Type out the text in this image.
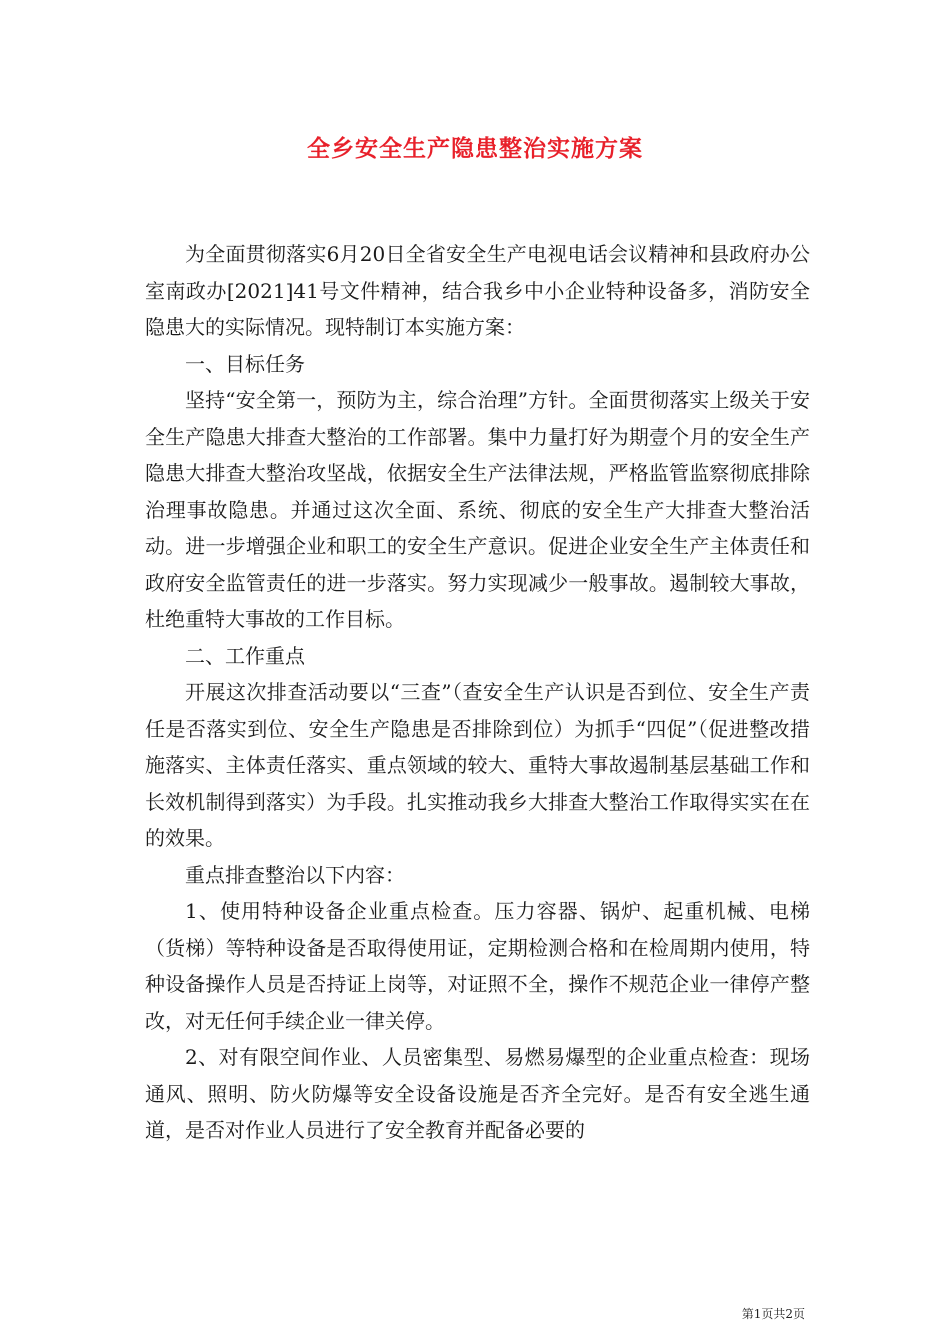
全乡安全生产隐患整治实施方案

为全面贯彻落实6月20日全省安全生产电视电话会议精神和县政府办公室南政办[2021]41号文件精神，结合我乡中小企业特种设备多，消防安全隐患大的实际情况。现特制订本实施方案：

一、目标任务

坚持“安全第一，预防为主，综合治理”方针。全面贯彻落实上级关于安全生产隐患大排查大整治的工作部署。集中力量打好为期壹个月的安全生产隐患大排查大整治攻坚战，依据安全生产法律法规，严格监管监察彻底排除治理事故隐患。并通过这次全面、系统、彻底的安全生产大排查大整治活动。进一步增强企业和职工的安全生产意识。促进企业安全生产主体责任和政府安全监管责任的进一步落实。努力实现减少一般事故。遏制较大事故，杜绝重特大事故的工作目标。

二、工作重点

开展这次排查活动要以“三查”（查安全生产认识是否到位、安全生产责任是否落实到位、安全生产隐患是否排除到位）为抓手“四促”（促进整改措施落实、主体责任落实、重点领域的较大、重特大事故遏制基层基础工作和长效机制得到落实）为手段。扎实推动我乡大排查大整治工作取得实实在在的效果。

重点排查整治以下内容：

1、使用特种设备企业重点检查。压力容器、锅炉、起重机械、电梯（货梯）等特种设备是否取得使用证，定期检测合格和在检周期内使用，特种设备操作人员是否持证上岗等，对证照不全，操作不规范企业一律停产整改，对无任何手续企业一律关停。

2、对有限空间作业、人员密集型、易燃易爆型的企业重点检查：现场通风、照明、防火防爆等安全设备设施是否齐全完好。是否有安全逃生通道，是否对作业人员进行了安全教育并配备必要的

第1页共2页
